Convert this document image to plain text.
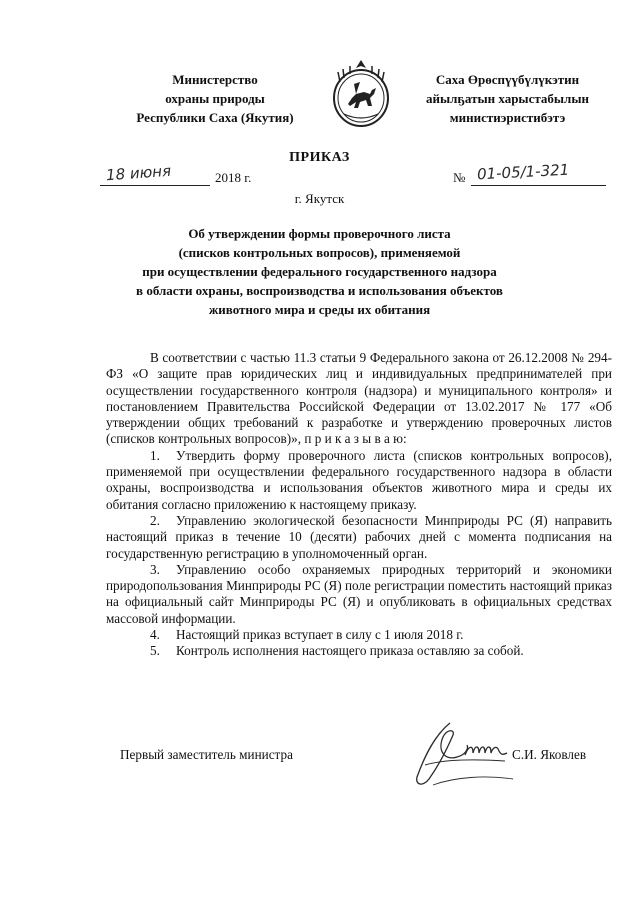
Министерство
охраны природы
Республики Саха (Якутия)
Саха Өрөспүүбүлүкэтин
айылҕатын харыстабылын
министиэристибэтэ
ПРИКАЗ
18 июня	2018 г.	№ 01-05/1-321
г. Якутск
Об утверждении формы проверочного листа
(списков контрольных вопросов), применяемой
при осуществлении федерального государственного надзора
в области охраны, воспроизводства и использования объектов
животного мира и среды их обитания

В соответствии с частью 11.3 статьи 9 Федерального закона от 26.12.2008 № 294-ФЗ «О защите прав юридических лиц и индивидуальных предпринимателей при осуществлении государственного контроля (надзора) и муниципального контроля» и постановлением Правительства Российской Федерации от 13.02.2017 № 177 «Об утверждении общих требований к разработке и утверждению проверочных листов (списков контрольных вопросов)», п р и к а з ы в а ю:

1. Утвердить форму проверочного листа (списков контрольных вопросов), применяемой при осуществлении федерального государственного надзора в области охраны, воспроизводства и использования объектов животного мира и среды их обитания согласно приложению к настоящему приказу.

2. Управлению экологической безопасности Минприроды РС (Я) направить настоящий приказ в течение 10 (десяти) рабочих дней с момента подписания на государственную регистрацию в уполномоченный орган.

3. Управлению особо охраняемых природных территорий и экономики природопользования Минприроды РС (Я) поле регистрации поместить настоящий приказ на официальный сайт Минприроды РС (Я) и опубликовать в официальных средствах массовой информации.

4. Настоящий приказ вступает в силу с 1 июля 2018 г.

5. Контроль исполнения настоящего приказа оставляю за собой.

Первый заместитель министра	С.И. Яковлев
